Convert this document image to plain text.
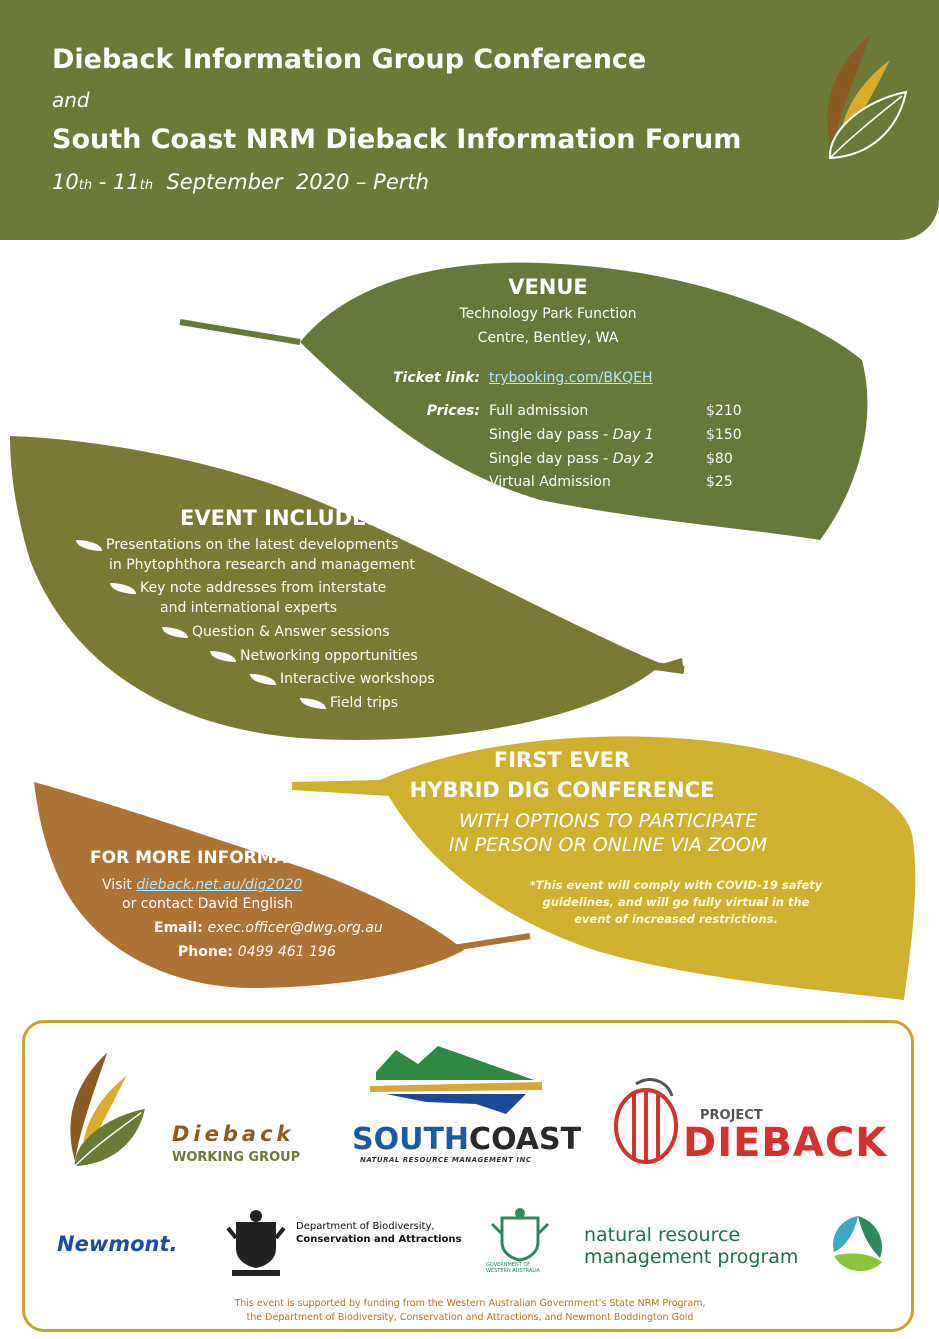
Dieback Information Group Conference
and
South Coast NRM Dieback Information Forum
10th - 11th  September  2020 – Perth
VENUE
Technology Park Function
Centre, Bentley, WA
Ticket link: trybooking.com/BKQEH
Prices: Full admission	$210
Single day pass - Day 1	$150
Single day pass - Day 2	$80
Virtual Admission	$25
EVENT INCLUDES
Presentations on the latest developments
in Phytophthora research and management
Key note addresses from interstate
and international experts
Question & Answer sessions
Networking opportunities
Interactive workshops
Field trips
FIRST EVER
HYBRID DIG CONFERENCE
WITH OPTIONS TO PARTICIPATE
IN PERSON OR ONLINE VIA ZOOM
*This event will comply with COVID-19 safety
guidelines, and will go fully virtual in the
event of increased restrictions.
FOR MORE INFORMATION
Visit dieback.net.au/dig2020
or contact David English
Email: exec.officer@dwg.org.au
Phone: 0499 461 196
Dieback
WORKING GROUP
SOUTHCOAST
NATURAL RESOURCE MANAGEMENT INC
PROJECT
DIEBACK
Newmont.
Department of Biodiversity,
Conservation and Attractions
GOVERNMENT OF
WESTERN AUSTRALIA
natural resource
management program
This event is supported by funding from the Western Australian Government's State NRM Program,
the Department of Biodiversity, Conservation and Attractions, and Newmont Boddington Gold
